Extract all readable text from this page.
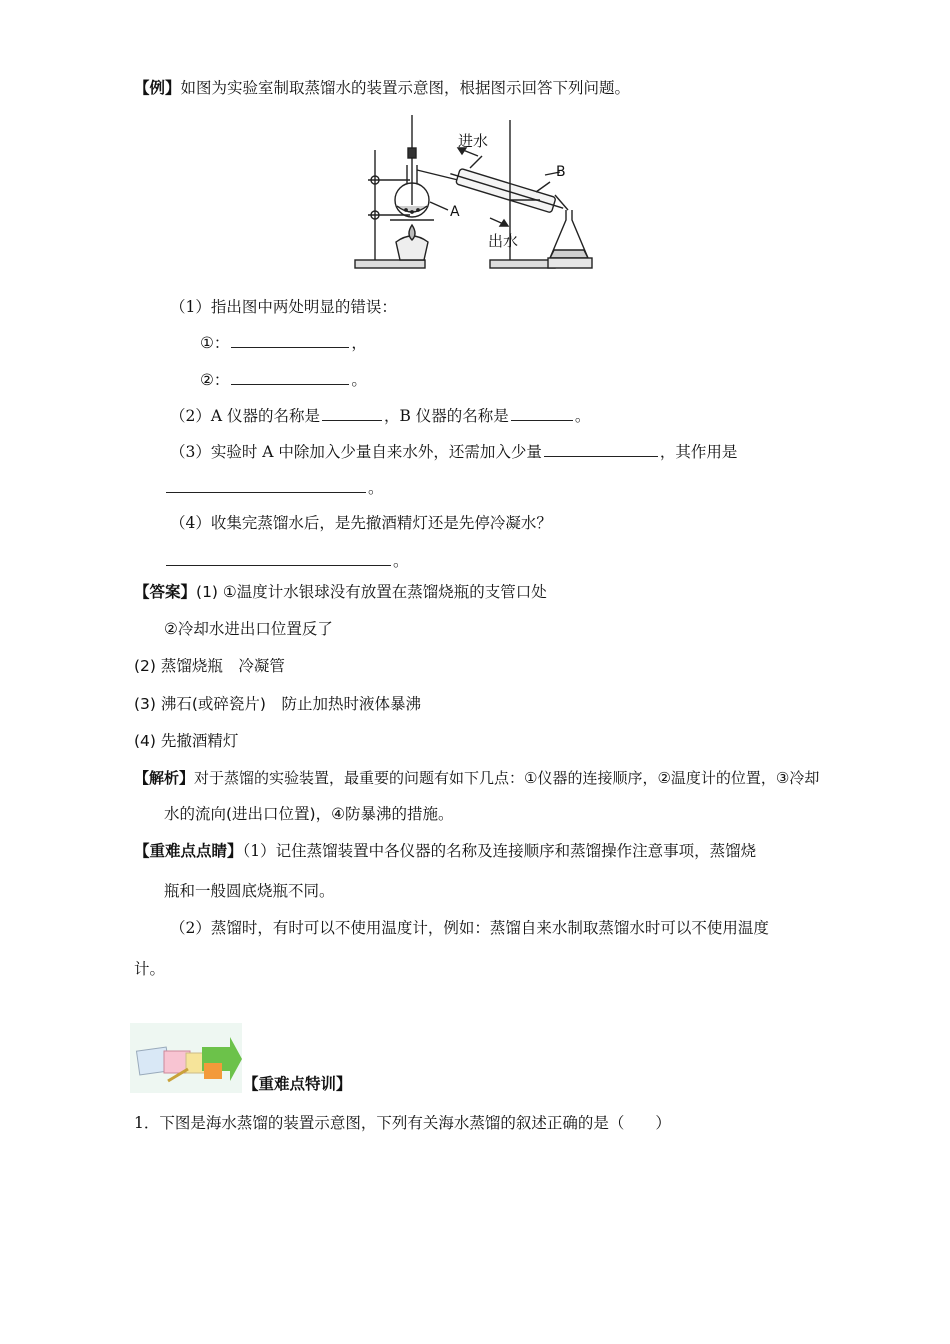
【例】如图为实验室制取蒸馏水的装置示意图，根据图示回答下列问题。
进水
出水
A
B
（1）指出图中两处明显的错误：
①：	，
②：	。
（2）A 仪器的名称是	，B 仪器的名称是	。
（3）实验时 A 中除加入少量自来水外，还需加入少量	，其作用是
。
（4）收集完蒸馏水后，是先撤酒精灯还是先停冷凝水？
。
【答案】(1) ①温度计水银球没有放置在蒸馏烧瓶的支管口处
②冷却水进出口位置反了
(2) 蒸馏烧瓶　冷凝管
(3) 沸石(或碎瓷片)　防止加热时液体暴沸
(4) 先撤酒精灯
【解析】对于蒸馏的实验装置，最重要的问题有如下几点：①仪器的连接顺序，②温度计的位置，③冷却
水的流向(进出口位置)，④防暴沸的措施。
【重难点点睛】（1）记住蒸馏装置中各仪器的名称及连接顺序和蒸馏操作注意事项，蒸馏烧
瓶和一般圆底烧瓶不同。
（2）蒸馏时，有时可以不使用温度计，例如：蒸馏自来水制取蒸馏水时可以不使用温度
计。
【重难点特训】
1．下图是海水蒸馏的装置示意图，下列有关海水蒸馏的叙述正确的是（　　）
